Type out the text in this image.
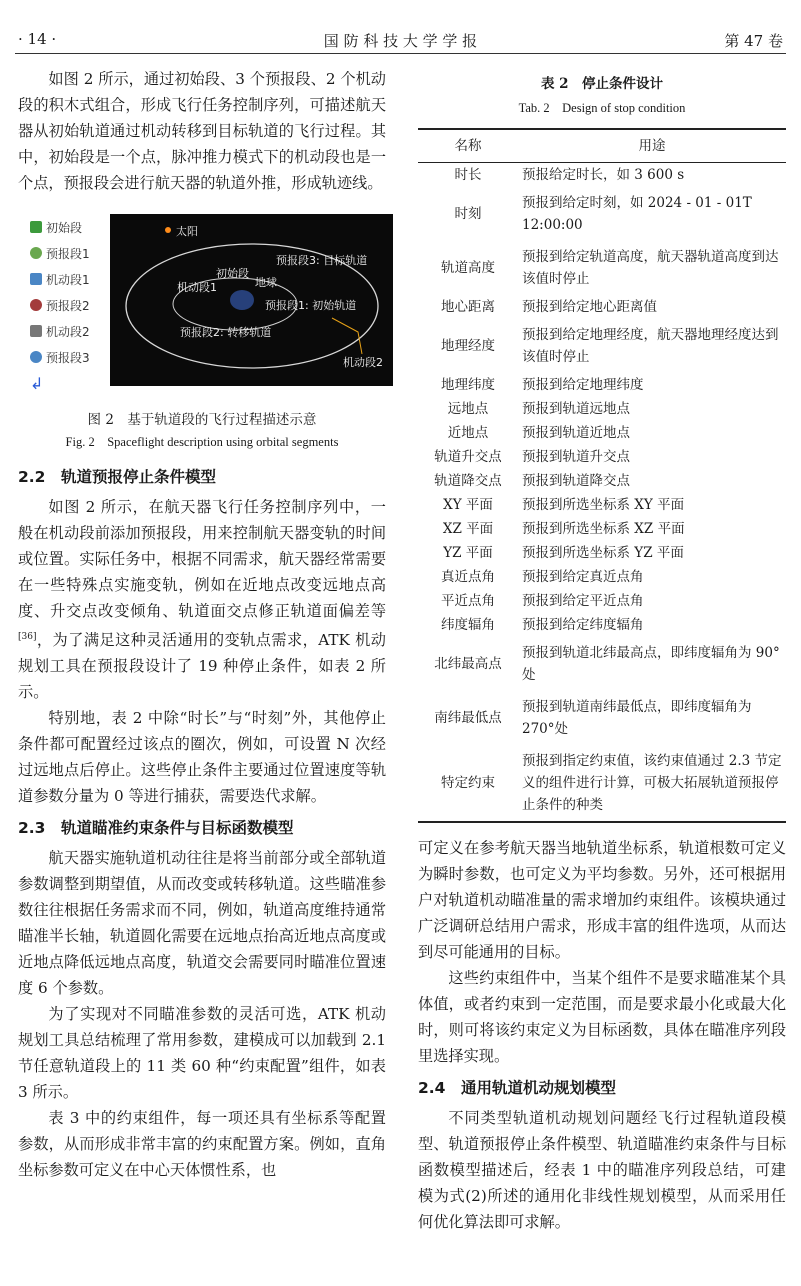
· 14 ·	国 防 科 技 大 学 学 报	第 47 卷

如图 2 所示，通过初始段、3 个预报段、2 个机动段的积木式组合，形成飞行任务控制序列，可描述航天器从初始轨道通过机动转移到目标轨道的飞行过程。其中，初始段是一个点，脉冲推力模式下的机动段也是一个点，预报段会进行航天器的轨道外推，形成轨迹线。

初始段
预报段1
机动段1
预报段2
机动段2
预报段3
↲
太阳
初始段
地球
机动段1
预报段3: 目标轨道
预报段1: 初始轨道
预报段2: 转移轨道
机动段2
图 2　基于轨道段的飞行过程描述示意
Fig. 2　Spaceflight description using orbital segments
2.2　轨道预报停止条件模型

如图 2 所示，在航天器飞行任务控制序列中，一般在机动段前添加预报段，用来控制航天器变轨的时间或位置。实际任务中，根据不同需求，航天器经常需要在一些特殊点实施变轨，例如在近地点改变远地点高度、升交点改变倾角、轨道面交点修正轨道面偏差等[36]，为了满足这种灵活通用的变轨点需求，ATK 机动规划工具在预报段设计了 19 种停止条件，如表 2 所示。

特别地，表 2 中除“时长”与“时刻”外，其他停止条件都可配置经过该点的圈次，例如，可设置 N 次经过远地点后停止。这些停止条件主要通过位置速度等轨道参数分量为 0 等进行捕获，需要迭代求解。

2.3　轨道瞄准约束条件与目标函数模型

航天器实施轨道机动往往是将当前部分或全部轨道参数调整到期望值，从而改变或转移轨道。这些瞄准参数往往根据任务需求而不同，例如，轨道高度维持通常瞄准半长轴，轨道圆化需要在远地点抬高近地点高度或近地点降低远地点高度，轨道交会需要同时瞄准位置速度 6 个参数。

为了实现对不同瞄准参数的灵活可选，ATK 机动规划工具总结梳理了常用参数，建模成可以加载到 2.1 节任意轨道段上的 11 类 60 种“约束配置”组件，如表 3 所示。

表 3 中的约束组件，每一项还具有坐标系等配置参数，从而形成非常丰富的约束配置方案。例如，直角坐标参数可定义在中心天体惯性系，也

表 2　停止条件设计
Tab. 2　Design of stop condition
名称	用途
时长	预报给定时长，如 3 600 s
时刻	预报到给定时刻，如 2024 - 01 - 01T 12:00:00
轨道高度	预报到给定轨道高度，航天器轨道高度到达该值时停止
地心距离	预报到给定地心距离值
地理经度	预报到给定地理经度，航天器地理经度达到该值时停止
地理纬度	预报到给定地理纬度
远地点	预报到轨道远地点
近地点	预报到轨道近地点
轨道升交点	预报到轨道升交点
轨道降交点	预报到轨道降交点
XY 平面	预报到所选坐标系 XY 平面
XZ 平面	预报到所选坐标系 XZ 平面
YZ 平面	预报到所选坐标系 YZ 平面
真近点角	预报到给定真近点角
平近点角	预报到给定平近点角
纬度辐角	预报到给定纬度辐角
北纬最高点	预报到轨道北纬最高点，即纬度辐角为 90°处
南纬最低点	预报到轨道南纬最低点，即纬度辐角为 270°处
特定约束	预报到指定约束值，该约束值通过 2.3 节定义的组件进行计算，可极大拓展轨道预报停止条件的种类

可定义在参考航天器当地轨道坐标系，轨道根数可定义为瞬时参数，也可定义为平均参数。另外，还可根据用户对轨道机动瞄准量的需求增加约束组件。该模块通过广泛调研总结用户需求，形成丰富的组件选项，从而达到尽可能通用的目标。

这些约束组件中，当某个组件不是要求瞄准某个具体值，或者约束到一定范围，而是要求最小化或最大化时，则可将该约束定义为目标函数，具体在瞄准序列段里选择实现。

2.4　通用轨道机动规划模型

不同类型轨道机动规划问题经飞行过程轨道段模型、轨道预报停止条件模型、轨道瞄准约束条件与目标函数模型描述后，经表 1 中的瞄准序列段总结，可建模为式(2)所述的通用化非线性规划模型，从而采用任何优化算法即可求解。
